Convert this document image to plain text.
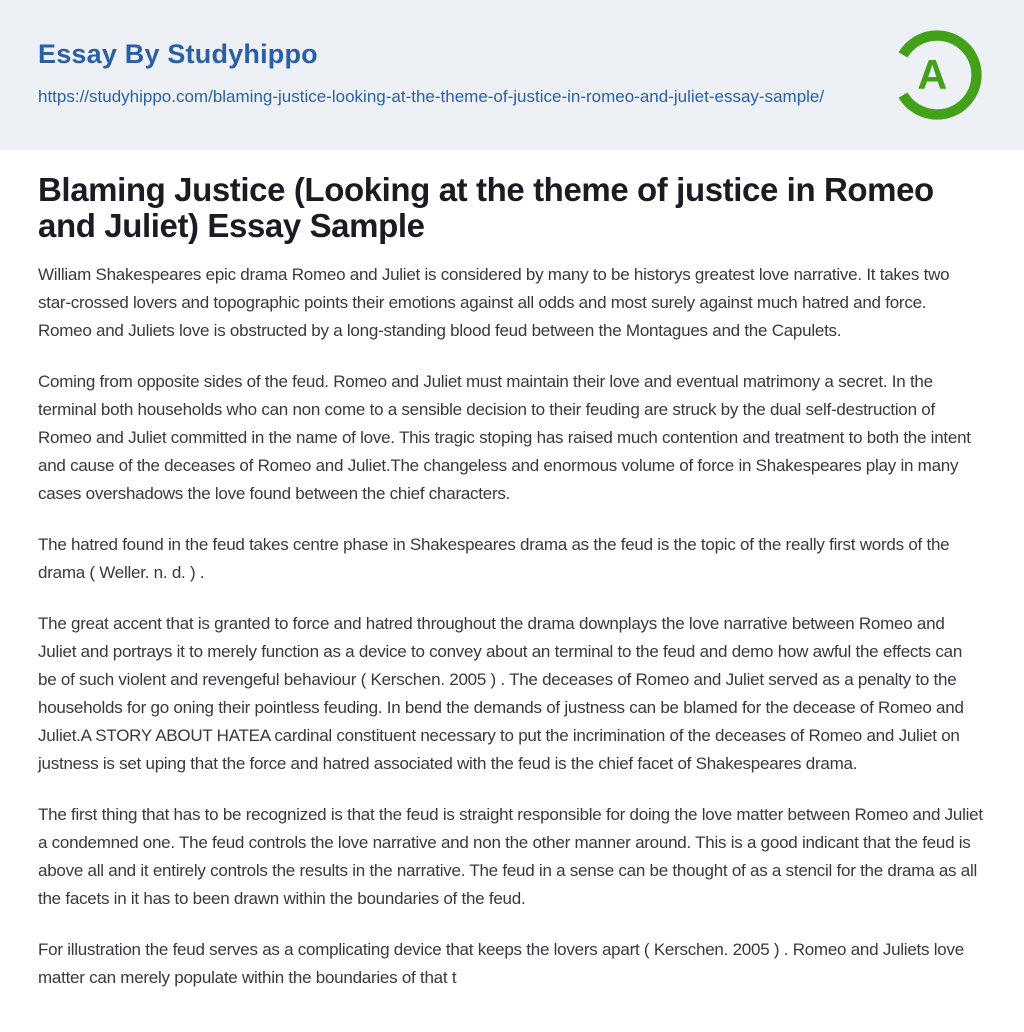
Essay By Studyhippo
https://studyhippo.com/blaming-justice-looking-at-the-theme-of-justice-in-romeo-and-juliet-essay-sample/	A
Blaming Justice (Looking at the theme of justice in Romeo and Juliet) Essay Sample

William Shakespeares epic drama Romeo and Juliet is considered by many to be historys greatest love narrative. It takes two star-crossed lovers and topographic points their emotions against all odds and most surely against much hatred and force. Romeo and Juliets love is obstructed by a long-standing blood feud between the Montagues and the Capulets.

Coming from opposite sides of the feud. Romeo and Juliet must maintain their love and eventual matrimony a secret. In the terminal both households who can non come to a sensible decision to their feuding are struck by the dual self-destruction of Romeo and Juliet committed in the name of love. This tragic stoping has raised much contention and treatment to both the intent and cause of the deceases of Romeo and Juliet.The changeless and enormous volume of force in Shakespeares play in many cases overshadows the love found between the chief characters.

The hatred found in the feud takes centre phase in Shakespeares drama as the feud is the topic of the really first words of the drama ( Weller. n. d. ) .

The great accent that is granted to force and hatred throughout the drama downplays the love narrative between Romeo and Juliet and portrays it to merely function as a device to convey about an terminal to the feud and demo how awful the effects can be of such violent and revengeful behaviour ( Kerschen. 2005 ) . The deceases of Romeo and Juliet served as a penalty to the households for go oning their pointless feuding. In bend the demands of justness can be blamed for the decease of Romeo and Juliet.A STORY ABOUT HATEA cardinal constituent necessary to put the incrimination of the deceases of Romeo and Juliet on justness is set uping that the force and hatred associated with the feud is the chief facet of Shakespeares drama.

The first thing that has to be recognized is that the feud is straight responsible for doing the love matter between Romeo and Juliet a condemned one. The feud controls the love narrative and non the other manner around. This is a good indicant that the feud is above all and it entirely controls the results in the narrative. The feud in a sense can be thought of as a stencil for the drama as all the facets in it has to been drawn within the boundaries of the feud.

For illustration the feud serves as a complicating device that keeps the lovers apart ( Kerschen. 2005 ) . Romeo and Juliets love matter can merely populate within the boundaries of that t
